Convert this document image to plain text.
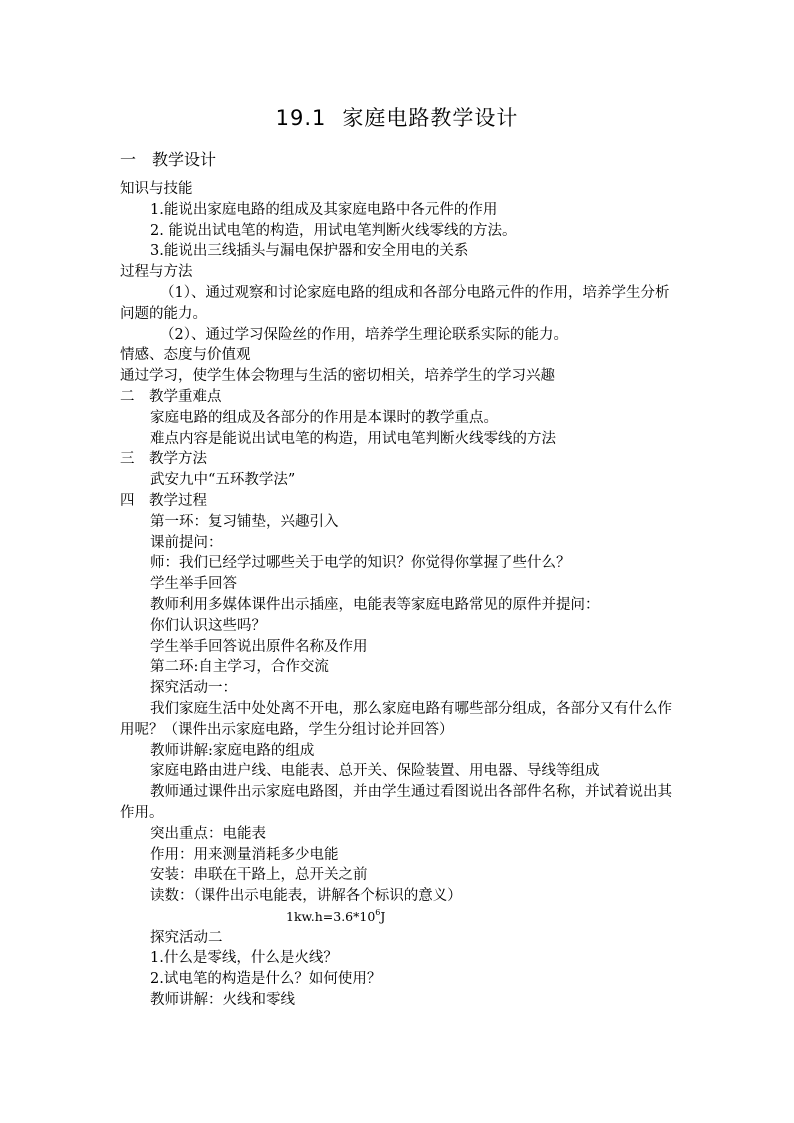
19.1 家庭电路教学设计
一　教学设计
知识与技能
1.能说出家庭电路的组成及其家庭电路中各元件的作用
2. 能说出试电笔的构造，用试电笔判断火线零线的方法。
3.能说出三线插头与漏电保护器和安全用电的关系
过程与方法
（1）、通过观察和讨论家庭电路的组成和各部分电路元件的作用，培养学生分析问题的能力。
（2）、通过学习保险丝的作用，培养学生理论联系实际的能力。
情感、态度与价值观
通过学习，使学生体会物理与生活的密切相关，培养学生的学习兴趣
二　教学重难点
家庭电路的组成及各部分的作用是本课时的教学重点。
难点内容是能说出试电笔的构造，用试电笔判断火线零线的方法
三　教学方法
武安九中“五环教学法”
四　教学过程
第一环：复习铺垫，兴趣引入
课前提问：
师：我们已经学过哪些关于电学的知识？你觉得你掌握了些什么？
学生举手回答
教师利用多媒体课件出示插座，电能表等家庭电路常见的原件并提问：
你们认识这些吗？
学生举手回答说出原件名称及作用
第二环:自主学习，合作交流
探究活动一：
我们家庭生活中处处离不开电，那么家庭电路有哪些部分组成，各部分又有什么作用呢？（课件出示家庭电路，学生分组讨论并回答）
教师讲解:家庭电路的组成
家庭电路由进户线、电能表、总开关、保险装置、用电器、导线等组成
教师通过课件出示家庭电路图，并由学生通过看图说出各部件名称，并试着说出其作用。
突出重点：电能表
作用：用来测量消耗多少电能
安装：串联在干路上，总开关之前
读数：（课件出示电能表，讲解各个标识的意义）
$1kw.h=3.6*10^6J$
探究活动二
1.什么是零线，什么是火线？
2.试电笔的构造是什么？如何使用？
教师讲解：火线和零线
